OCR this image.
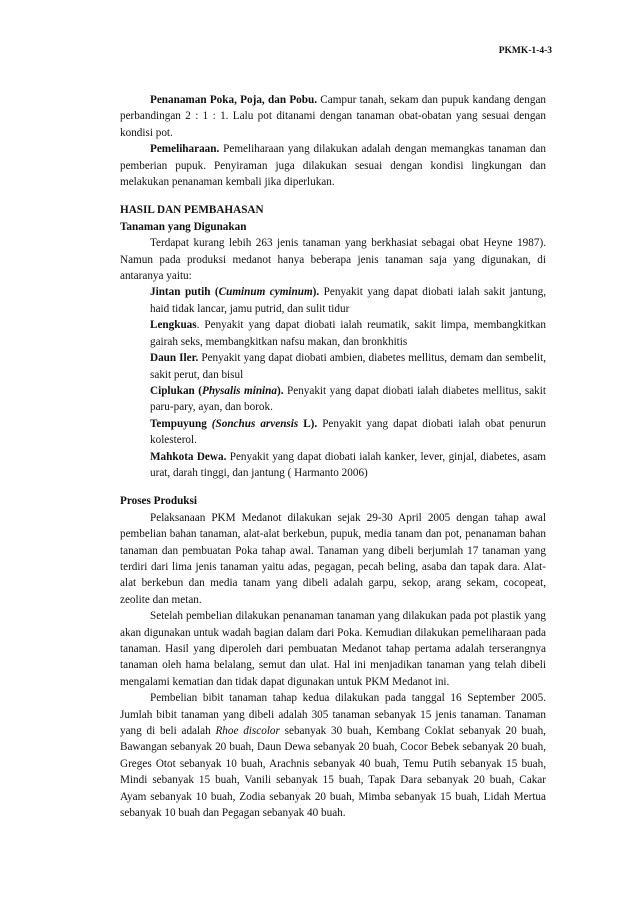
PKMK-1-4-3

Penanaman Poka, Poja, dan Pobu. Campur tanah, sekam dan pupuk kandang dengan perbandingan 2 : 1 : 1. Lalu pot ditanami dengan tanaman obat-obatan yang sesuai dengan kondisi pot.

Pemeliharaan. Pemeliharaan yang dilakukan adalah dengan memangkas tanaman dan pemberian pupuk. Penyiraman juga dilakukan sesuai dengan kondisi lingkungan dan melakukan penanaman kembali jika diperlukan.

HASIL DAN PEMBAHASAN

Tanaman yang Digunakan

Terdapat kurang lebih 263 jenis tanaman yang berkhasiat sebagai obat Heyne 1987). Namun pada produksi medanot hanya beberapa jenis tanaman saja yang digunakan, di antaranya yaitu:

Jintan putih (Cuminum cyminum). Penyakit yang dapat diobati ialah sakit jantung, haid tidak lancar, jamu putrid, dan sulit tidur

Lengkuas. Penyakit yang dapat diobati ialah reumatik, sakit limpa, membangkitkan gairah seks, membangkitkan nafsu makan, dan bronkhitis

Daun Iler. Penyakit yang dapat diobati ambien, diabetes mellitus, demam dan sembelit, sakit perut, dan bisul

Ciplukan (Physalis minina). Penyakit yang dapat diobati ialah diabetes mellitus, sakit paru-pary, ayan, dan borok.

Tempuyung (Sonchus arvensis L). Penyakit yang dapat diobati ialah obat penurun kolesterol.

Mahkota Dewa. Penyakit yang dapat diobati ialah kanker, lever, ginjal, diabetes, asam urat, darah tinggi, dan jantung ( Harmanto 2006)

Proses Produksi

Pelaksanaan PKM Medanot dilakukan sejak 29-30 April 2005 dengan tahap awal pembelian bahan tanaman, alat-alat berkebun, pupuk, media tanam dan pot, penanaman bahan tanaman dan pembuatan Poka tahap awal. Tanaman yang dibeli berjumlah 17 tanaman yang terdiri dari lima jenis tanaman yaitu adas, pegagan, pecah beling, asaba dan tapak dara. Alat-alat berkebun dan media tanam yang dibeli adalah garpu, sekop, arang sekam, cocopeat, zeolite dan metan.

Setelah pembelian dilakukan penanaman tanaman yang dilakukan pada pot plastik yang akan digunakan untuk wadah bagian dalam dari Poka. Kemudian dilakukan pemeliharaan pada tanaman. Hasil yang diperoleh dari pembuatan Medanot tahap pertama adalah terserangnya tanaman oleh hama belalang, semut dan ulat. Hal ini menjadikan tanaman yang telah dibeli mengalami kematian dan tidak dapat digunakan untuk PKM Medanot ini.

Pembelian bibit tanaman tahap kedua dilakukan pada tanggal 16 September 2005. Jumlah bibit tanaman yang dibeli adalah 305 tanaman sebanyak 15 jenis tanaman. Tanaman yang di beli adalah Rhoe discolor sebanyak 30 buah, Kembang Coklat sebanyak 20 buah, Bawangan sebanyak 20 buah, Daun Dewa sebanyak 20 buah, Cocor Bebek sebanyak 20 buah, Greges Otot sebanyak 10 buah, Arachnis sebanyak 40 buah, Temu Putih sebanyak 15 buah, Mindi sebanyak 15 buah, Vanili sebanyak 15 buah, Tapak Dara sebanyak 20 buah, Cakar Ayam sebanyak 10 buah, Zodia sebanyak 20 buah, Mimba sebanyak 15 buah, Lidah Mertua sebanyak 10 buah dan Pegagan sebanyak 40 buah.
